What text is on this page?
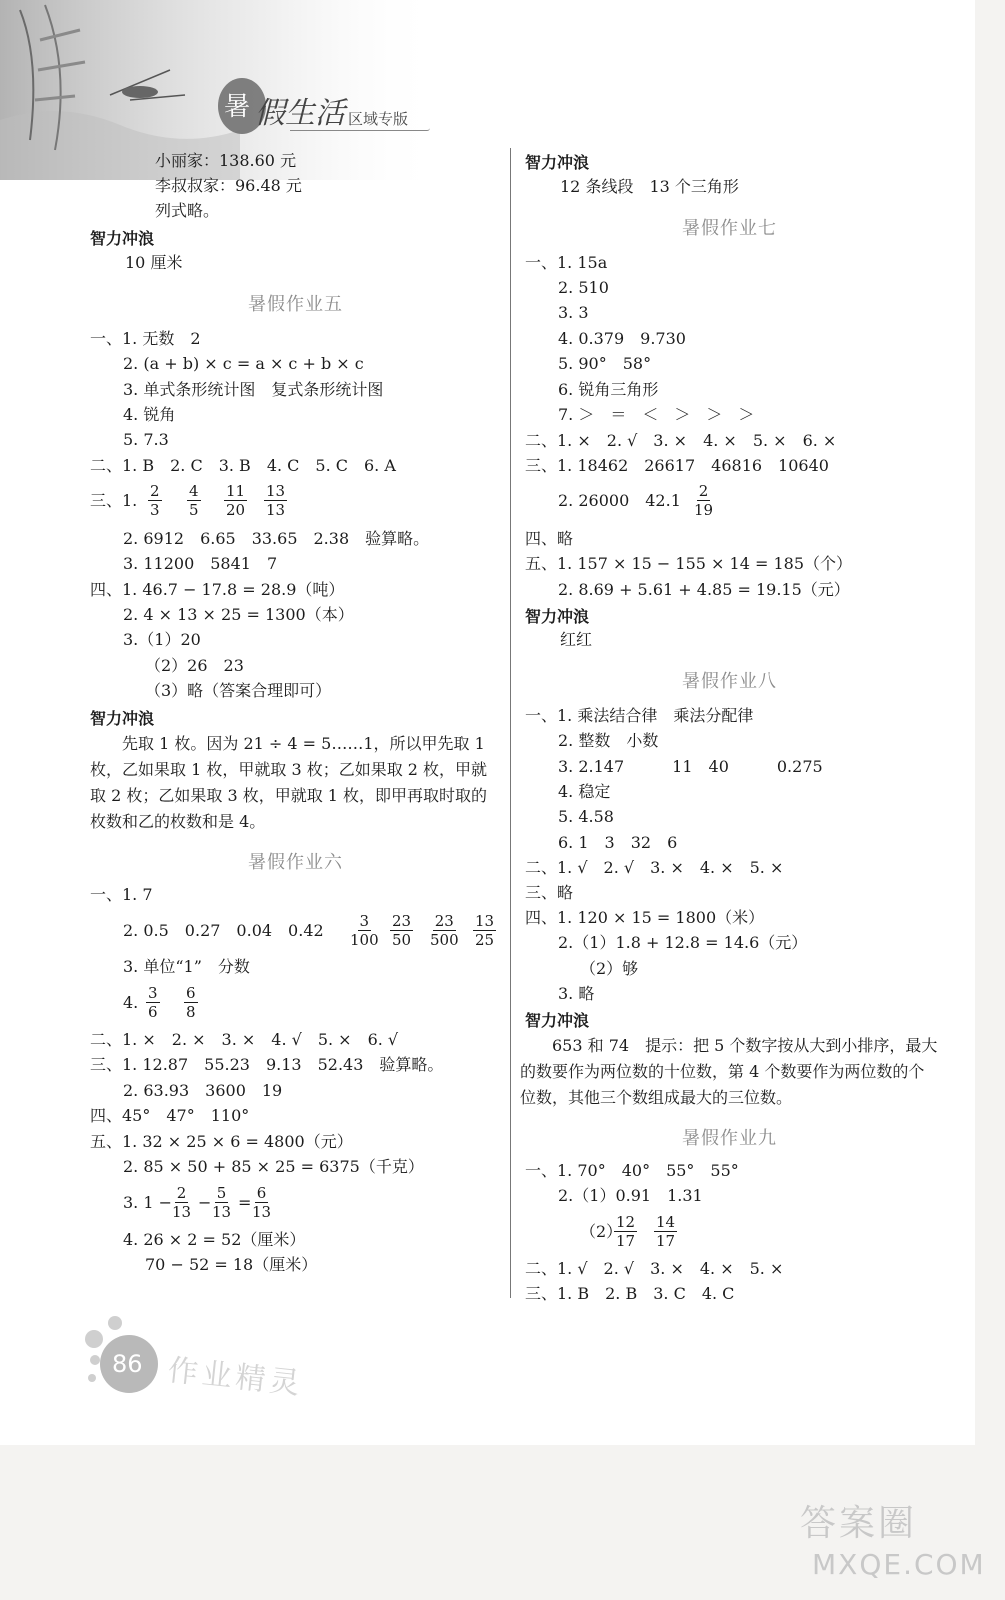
暑 假生活 区域专版
小丽家：138.60 元
李叔叔家：96.48 元
列式略。
智力冲浪
10 厘米
暑假作业五
一、1. 无数　2
2. (a + b) × c = a × c + b × c
3. 单式条形统计图　复式条形统计图
4. 锐角
5. 7.3
二、1. B　2. C　3. B　4. C　5. C　6. A
三、1. $\frac{2}{3} \frac{4}{5} \frac{11}{20} \frac{13}{13}$
2. 6912　6.65　33.65　2.38　验算略。
3. 11200　5841　7
四、1. 46.7 − 17.8 = 28.9（吨）
2. 4 × 13 × 25 = 1300（本）
3.（1）20
（2）26　23
（3）略（答案合理即可）
智力冲浪
　　先取 1 枚。因为 21 ÷ 4 = 5……1，所以甲先取 1 枚，乙如果取 1 枚，甲就取 3 枚；乙如果取 2 枚，甲就取 2 枚；乙如果取 3 枚，甲就取 1 枚，即甲再取时取的枚数和乙的枚数和是 4。
暑假作业六
一、1. 7
2. 0.5　0.27　0.04　$0.42 \frac{3}{100} \frac{23}{50} \frac{23}{500} \frac{13}{25}$
3. 单位“1”　分数
4. $\frac{3}{6} \frac{6}{8}$
二、1. ×　2. ×　3. ×　4. √　5. ×　6. √
三、1. 12.87　55.23　9.13　52.43　验算略。
2. 63.93　3600　19
四、45°　47°　110°
五、1. 32 × 25 × 6 = 4800（元）
2. 85 × 50 + 85 × 25 = 6375（千克）
3. 1 −
$\frac{2}{13}$ −
$\frac{5}{13}$ =
$\frac{6}{13}$
4. 26 × 2 = 52（厘米）
70 − 52 = 18（厘米）
智力冲浪
12 条线段　13 个三角形
暑假作业七
一、1. 15a
2. 510
3. 3
4. 0.379　9.730
5. 90°　58°
6. 锐角三角形
7. ＞　＝　＜　＞　＞　＞
二、1. ×　2. √　3. ×　4. ×　5. ×　6. ×
三、1. 18462　26617　46816　10640
2. 26000　$42.1 \frac{2}{19}$
四、略
五、1. 157 × 15 − 155 × 14 = 185（个）
2. 8.69 + 5.61 + 4.85 = 19.15（元）
智力冲浪
红红
暑假作业八
一、1. 乘法结合律　乘法分配律
2. 整数　小数
3. 2.147　　　11　40　　　0.275
4. 稳定
5. 4.58
6. 1　3　32　6
二、1. √　2. √　3. ×　4. ×　5. ×
三、略
四、1. 120 × 15 = 1800（米）
2.（1）1.8 + 12.8 = 14.6（元）
（2）够
3. 略
智力冲浪
　　653 和 74　提示：把 5 个数字按从大到小排序，最大的数要作为两位数的十位数，第 4 个数要作为两位数的个位数，其他三个数组成最大的三位数。
暑假作业九
一、1. 70°　40°　55°　55°
2.（1）0.91　1.31
（2）
$\frac{12}{17} \frac{14}{17}$
二、1. √　2. √　3. ×　4. ×　5. ×
三、1. B　2. B　3. C　4. C
86 作业精灵
答案圈
MXQE.COM
